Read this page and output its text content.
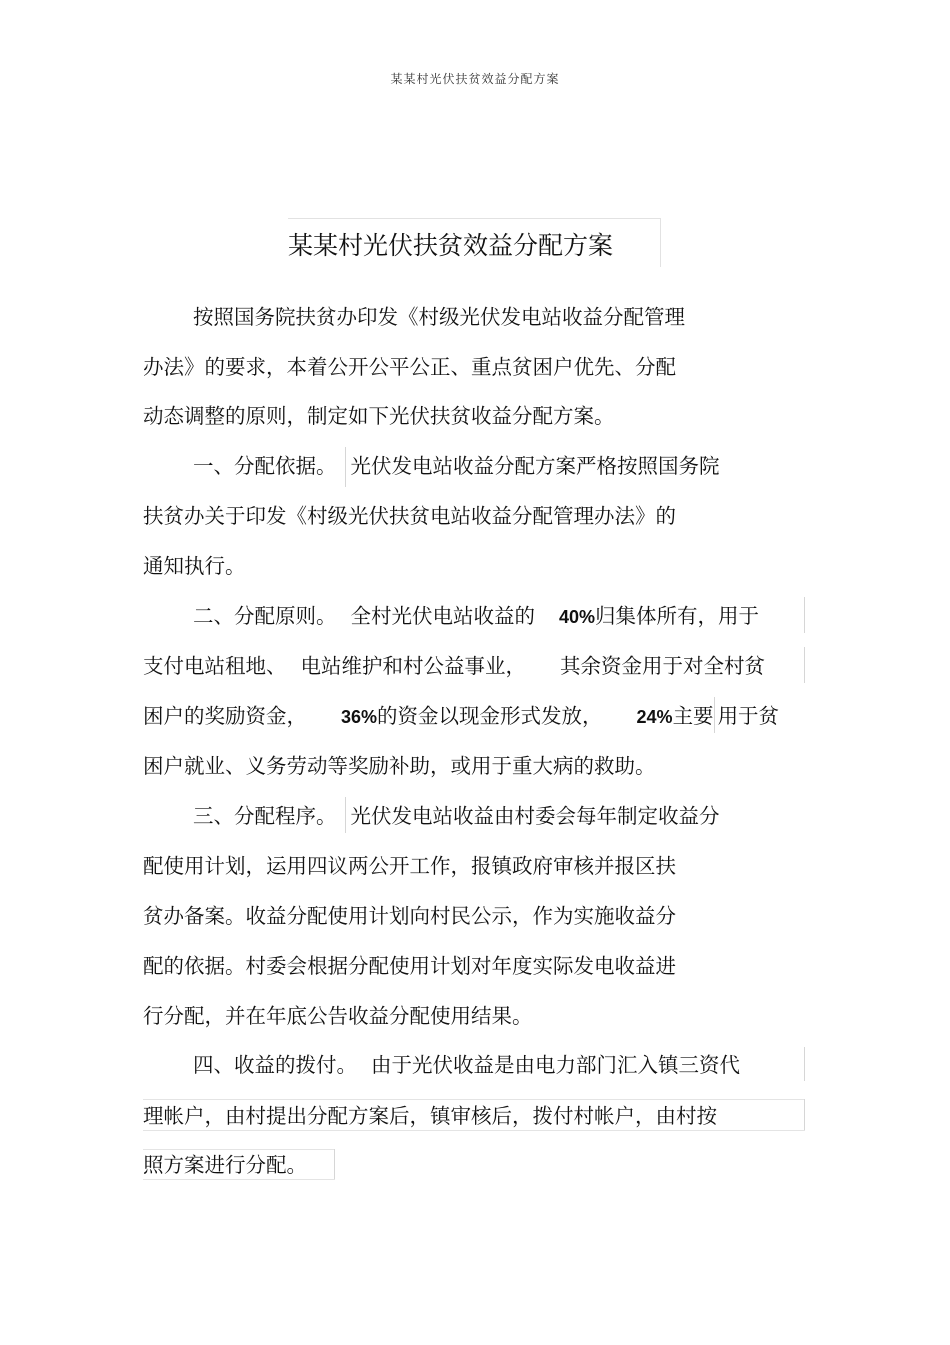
某某村光伏扶贫效益分配方案
某某村光伏扶贫效益分配方案
按照国务院扶贫办印发《村级光伏发电站收益分配管理
办法》的要求，本着公开公平公正、重点贫困户优先、分配
动态调整的原则，制定如下光伏扶贫收益分配方案。
一、分配依据。 光伏发电站收益分配方案严格按照国务院
扶贫办关于印发《村级光伏扶贫电站收益分配管理办法》的
通知执行。
二、分配原则。 全村光伏电站收益的 40%归集体所有，用于
支付电站租地、 电站维护和村公益事业， 其余资金用于对全村贫
困户的奖励资金， 36%的资金以现金形式发放， 24%主要 用于贫
困户就业、义务劳动等奖励补助，或用于重大病的救助。
三、分配程序。 光伏发电站收益由村委会每年制定收益分
配使用计划，运用四议两公开工作，报镇政府审核并报区扶
贫办备案。收益分配使用计划向村民公示，作为实施收益分
配的依据。村委会根据分配使用计划对年度实际发电收益进
行分配，并在年底公告收益分配使用结果。
四、收益的拨付。 由于光伏收益是由电力部门汇入镇三资代
理帐户，由村提出分配方案后，镇审核后，拨付村帐户，由村按
照方案进行分配。
